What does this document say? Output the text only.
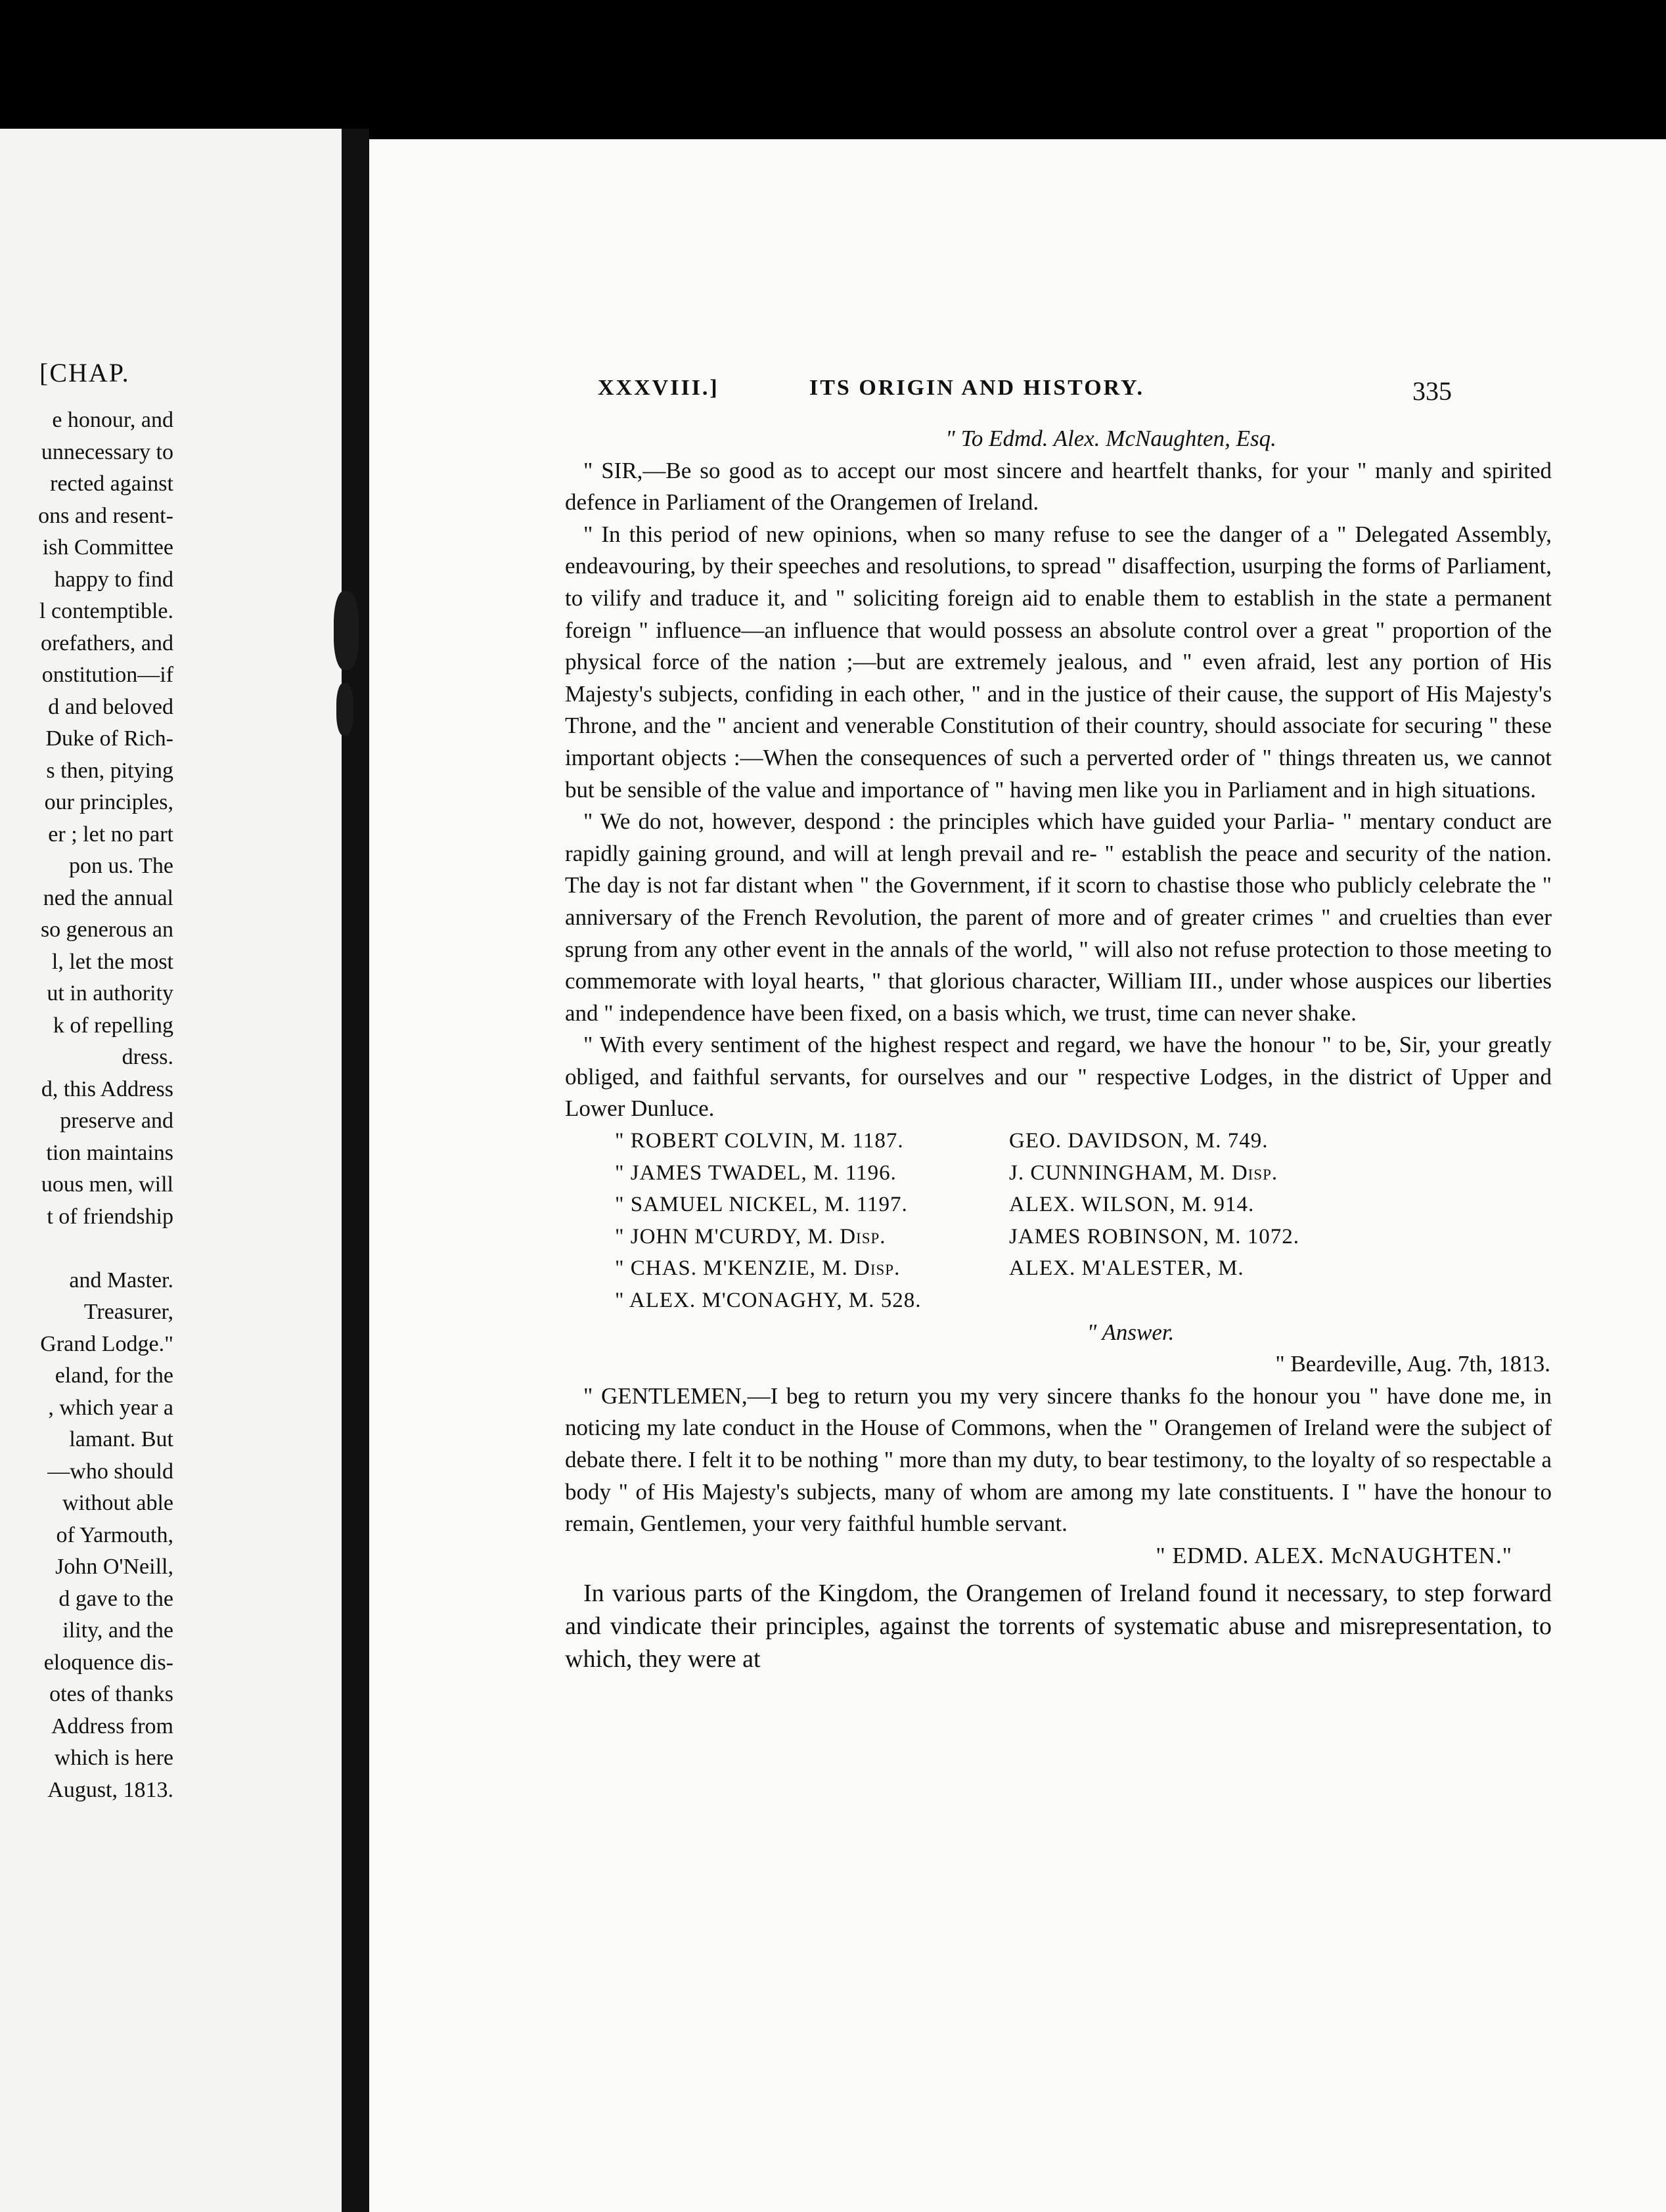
[CHAP.
e honour, and
unnecessary to
rected against
ons and resent-
ish Committee
happy to find
l contemptible.
orefathers, and
onstitution—if
d and beloved
Duke of Rich-
s then, pitying
our principles,
er ; let no part
pon us. The
ned the annual
so generous an
l, let the most
ut in authority
k of repelling
dress.
d, this Address
preserve and
tion maintains
uous men, will
t of friendship
and Master.
Treasurer,
Grand Lodge."
eland, for the
, which year a
lamant. But
—who should
without able
of Yarmouth,
John O'Neill,
d gave to the
ility, and the
eloquence dis-
otes of thanks
Address from
which is here
August, 1813.
XXXVIII.]	ITS ORIGIN AND HISTORY.	335
" To Edmd. Alex. McNaughten, Esq.
" SIR,—Be so good as to accept our most sincere and heartfelt thanks, for your " manly and spirited defence in Parliament of the Orangemen of Ireland.
" In this period of new opinions, when so many refuse to see the danger of a " Delegated Assembly, endeavouring, by their speeches and resolutions, to spread " disaffection, usurping the forms of Parliament, to vilify and traduce it, and " soliciting foreign aid to enable them to establish in the state a permanent foreign " influence—an influence that would possess an absolute control over a great " proportion of the physical force of the nation ;—but are extremely jealous, and " even afraid, lest any portion of His Majesty's subjects, confiding in each other, " and in the justice of their cause, the support of His Majesty's Throne, and the " ancient and venerable Constitution of their country, should associate for securing " these important objects :—When the consequences of such a perverted order of " things threaten us, we cannot but be sensible of the value and importance of " having men like you in Parliament and in high situations.
" We do not, however, despond : the principles which have guided your Parlia- " mentary conduct are rapidly gaining ground, and will at lengh prevail and re- " establish the peace and security of the nation. The day is not far distant when " the Government, if it scorn to chastise those who publicly celebrate the " anniversary of the French Revolution, the parent of more and of greater crimes " and cruelties than ever sprung from any other event in the annals of the world, " will also not refuse protection to those meeting to commemorate with loyal hearts, " that glorious character, William III., under whose auspices our liberties and " independence have been fixed, on a basis which, we trust, time can never shake.
" With every sentiment of the highest respect and regard, we have the honour " to be, Sir, your greatly obliged, and faithful servants, for ourselves and our " respective Lodges, in the district of Upper and Lower Dunluce.
" ROBERT COLVIN, M. 1187.	GEO. DAVIDSON, M. 749.
" JAMES TWADEL, M. 1196.	J. CUNNINGHAM, M. Disp.
" SAMUEL NICKEL, M. 1197.	ALEX. WILSON, M. 914.
" JOHN M'CURDY, M. Disp.	JAMES ROBINSON, M. 1072.
" CHAS. M'KENZIE, M. Disp.	ALEX. M'ALESTER, M.
" ALEX. M'CONAGHY, M. 528.
" Answer.
" Beardeville, Aug. 7th, 1813.
" GENTLEMEN,—I beg to return you my very sincere thanks fo the honour you " have done me, in noticing my late conduct in the House of Commons, when the " Orangemen of Ireland were the subject of debate there. I felt it to be nothing " more than my duty, to bear testimony, to the loyalty of so respectable a body " of His Majesty's subjects, many of whom are among my late constituents. I " have the honour to remain, Gentlemen, your very faithful humble servant.
" EDMD. ALEX. McNAUGHTEN."
In various parts of the Kingdom, the Orangemen of Ireland found it necessary, to step forward and vindicate their principles, against the torrents of systematic abuse and misrepresentation, to which, they were at
